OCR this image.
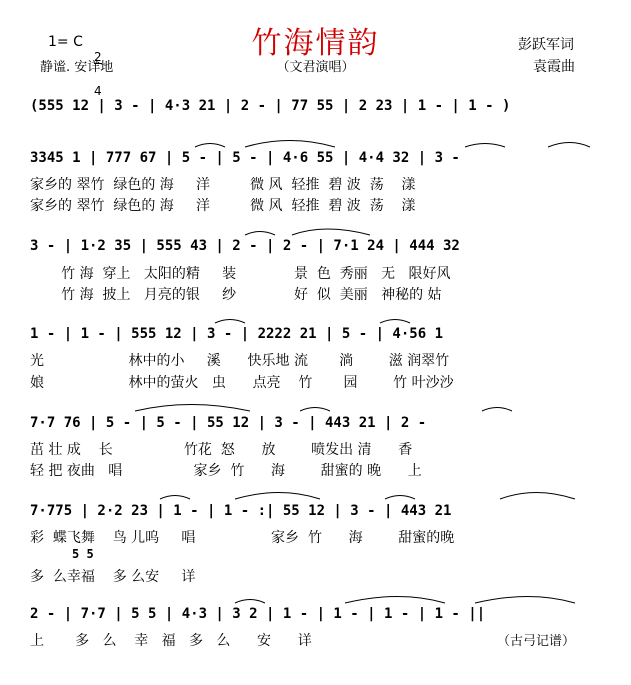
竹海情韵
（文君演唱）
1= C

2

4

静谧. 安详地
彭跃军词
袁霞曲
(555 12 | 3 - | 4·3 21 | 2 - | 77 55 | 2 23 | 1 - | 1 - )
3345 1 | 777 67 | 5 - | 5 - | 4·6 55 | 4·4 32 | 3 -
家乡的 翠竹  绿色的 海     洋         微 风  轻推  碧 波  荡    漾
家乡的 翠竹  绿色的 海     洋         微 风  轻推  碧 波  荡    漾
3 - | 1·2 35 | 555 43 | 2 - | 2 - | 7·1 24 | 444 32
竹 海  穿上   太阳的精     装             景  色  秀丽   无   限好风
竹 海  披上   月亮的银     纱             好  似  美丽   神秘的 姑
1 - | 1 - | 555 12 | 3 - | 2222 21 | 5 - | 4·56 1
光                   林中的小     溪      快乐地 流       淌        滋 润翠竹
娘                   林中的萤火   虫      点亮    竹       园        竹 叶沙沙
7·7 76 | 5 - | 5 - | 55 12 | 3 - | 443 21 | 2 -
茁 壮 成    长                竹花  怒      放        喷发出 清      香
轻 把 夜曲   唱                家乡  竹      海        甜蜜的 晚      上
7·775 | 2·2 23 | 1 - | 1 - :| 55 12 | 3 - | 443 21
彩  蝶飞舞    鸟 儿呜     唱                 家乡  竹      海        甜蜜的晚
5 5
多  么幸福    多 么安     详
2 - | 7·7 | 5 5 | 4·3 | 3 2 | 1 - | 1 - | 1 - | 1 - ||
上       多   么    幸   福   多   么      安      详	（古弓记谱）
